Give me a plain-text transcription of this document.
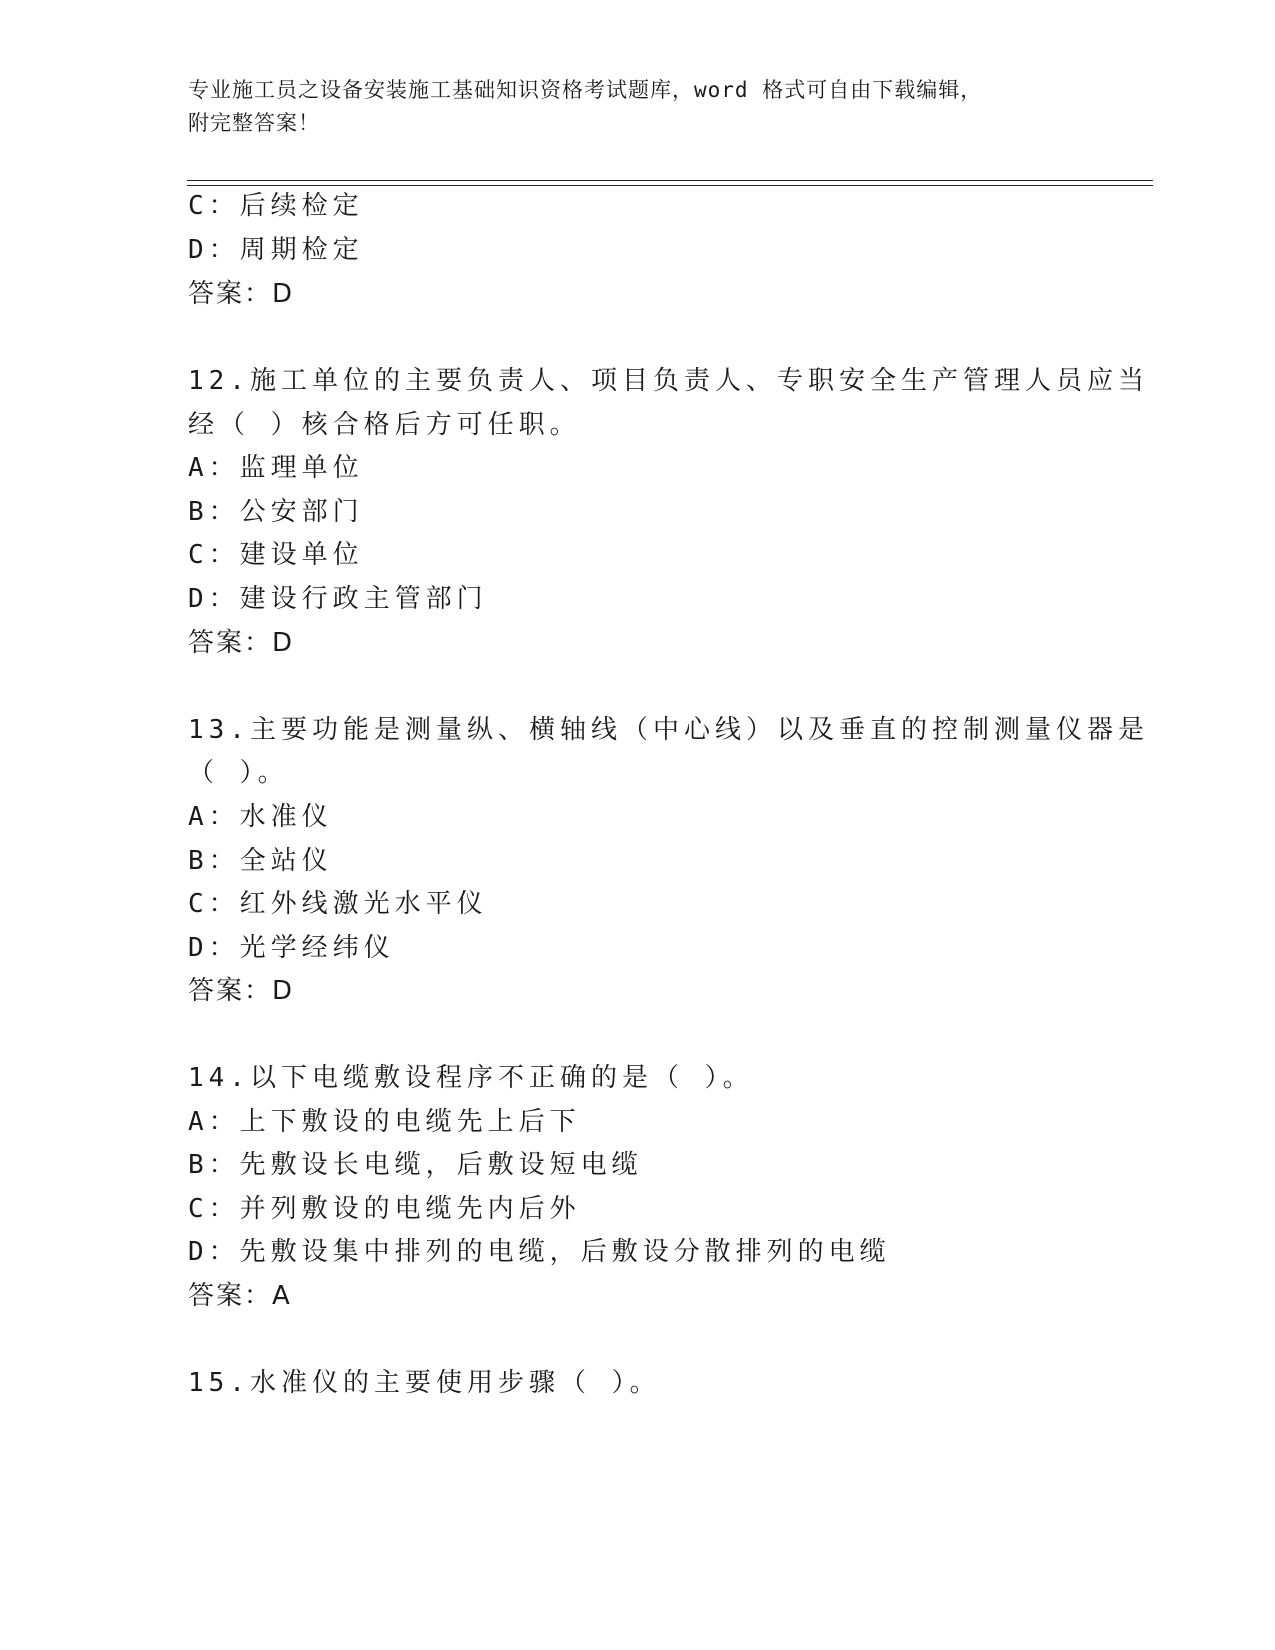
专业施工员之设备安装施工基础知识资格考试题库，word 格式可自由下载编辑，
附完整答案！
C：后续检定
D：周期检定
答案：D
12.施工单位的主要负责人、项目负责人、专职安全生产管理人员应当
经（ ）核合格后方可任职。
A：监理单位
B：公安部门
C：建设单位
D：建设行政主管部门
答案：D
13.主要功能是测量纵、横轴线（中心线）以及垂直的控制测量仪器是
（ ）。
A：水准仪
B：全站仪
C：红外线激光水平仪
D：光学经纬仪
答案：D
14.以下电缆敷设程序不正确的是（ ）。
A：上下敷设的电缆先上后下
B：先敷设长电缆，后敷设短电缆
C：并列敷设的电缆先内后外
D：先敷设集中排列的电缆，后敷设分散排列的电缆
答案：A
15.水准仪的主要使用步骤（ ）。
